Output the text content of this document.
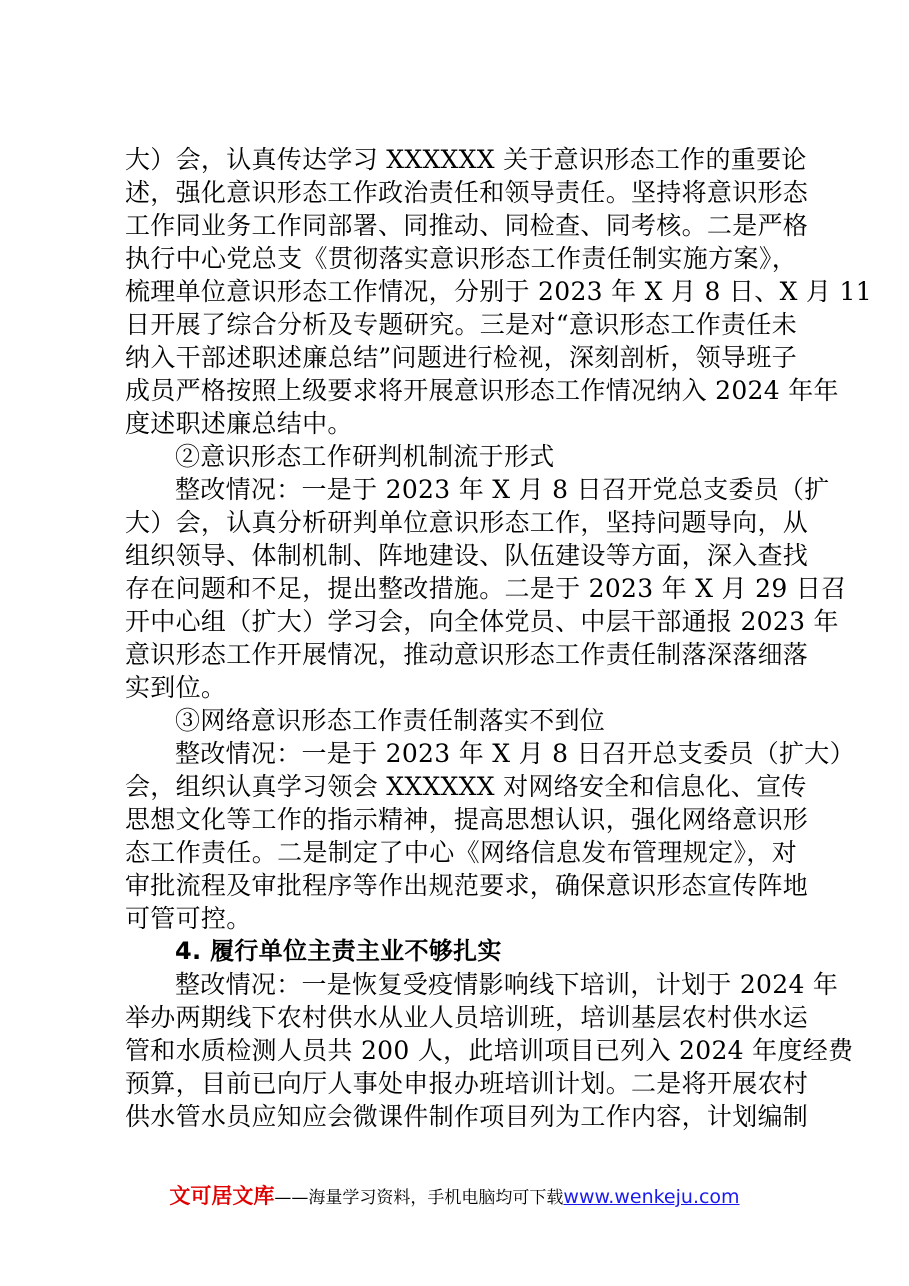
大）会，认真传达学习 XXXXXX 关于意识形态工作的重要论
述，强化意识形态工作政治责任和领导责任。坚持将意识形态
工作同业务工作同部署、同推动、同检查、同考核。二是严格
执行中心党总支《贯彻落实意识形态工作责任制实施方案》，
梳理单位意识形态工作情况，分别于 2023 年 X 月 8 日、X 月 11
日开展了综合分析及专题研究。三是对“意识形态工作责任未
纳入干部述职述廉总结”问题进行检视，深刻剖析，领导班子
成员严格按照上级要求将开展意识形态工作情况纳入 2024 年年
度述职述廉总结中。
②意识形态工作研判机制流于形式
整改情况：一是于 2023 年 X 月 8 日召开党总支委员（扩
大）会，认真分析研判单位意识形态工作，坚持问题导向，从
组织领导、体制机制、阵地建设、队伍建设等方面，深入查找
存在问题和不足，提出整改措施。二是于 2023 年 X 月 29 日召
开中心组（扩大）学习会，向全体党员、中层干部通报 2023 年
意识形态工作开展情况，推动意识形态工作责任制落深落细落
实到位。
③网络意识形态工作责任制落实不到位
整改情况：一是于 2023 年 X 月 8 日召开总支委员（扩大）
会，组织认真学习领会 XXXXXX 对网络安全和信息化、宣传
思想文化等工作的指示精神，提高思想认识，强化网络意识形
态工作责任。二是制定了中心《网络信息发布管理规定》，对
审批流程及审批程序等作出规范要求，确保意识形态宣传阵地
可管可控。
4. 履行单位主责主业不够扎实
整改情况：一是恢复受疫情影响线下培训，计划于 2024 年
举办两期线下农村供水从业人员培训班，培训基层农村供水运
管和水质检测人员共 200 人，此培训项目已列入 2024 年度经费
预算，目前已向厅人事处申报办班培训计划。二是将开展农村
供水管水员应知应会微课件制作项目列为工作内容，计划编制
文可居文库——海量学习资料，手机电脑均可下载www.wenkeju.com
